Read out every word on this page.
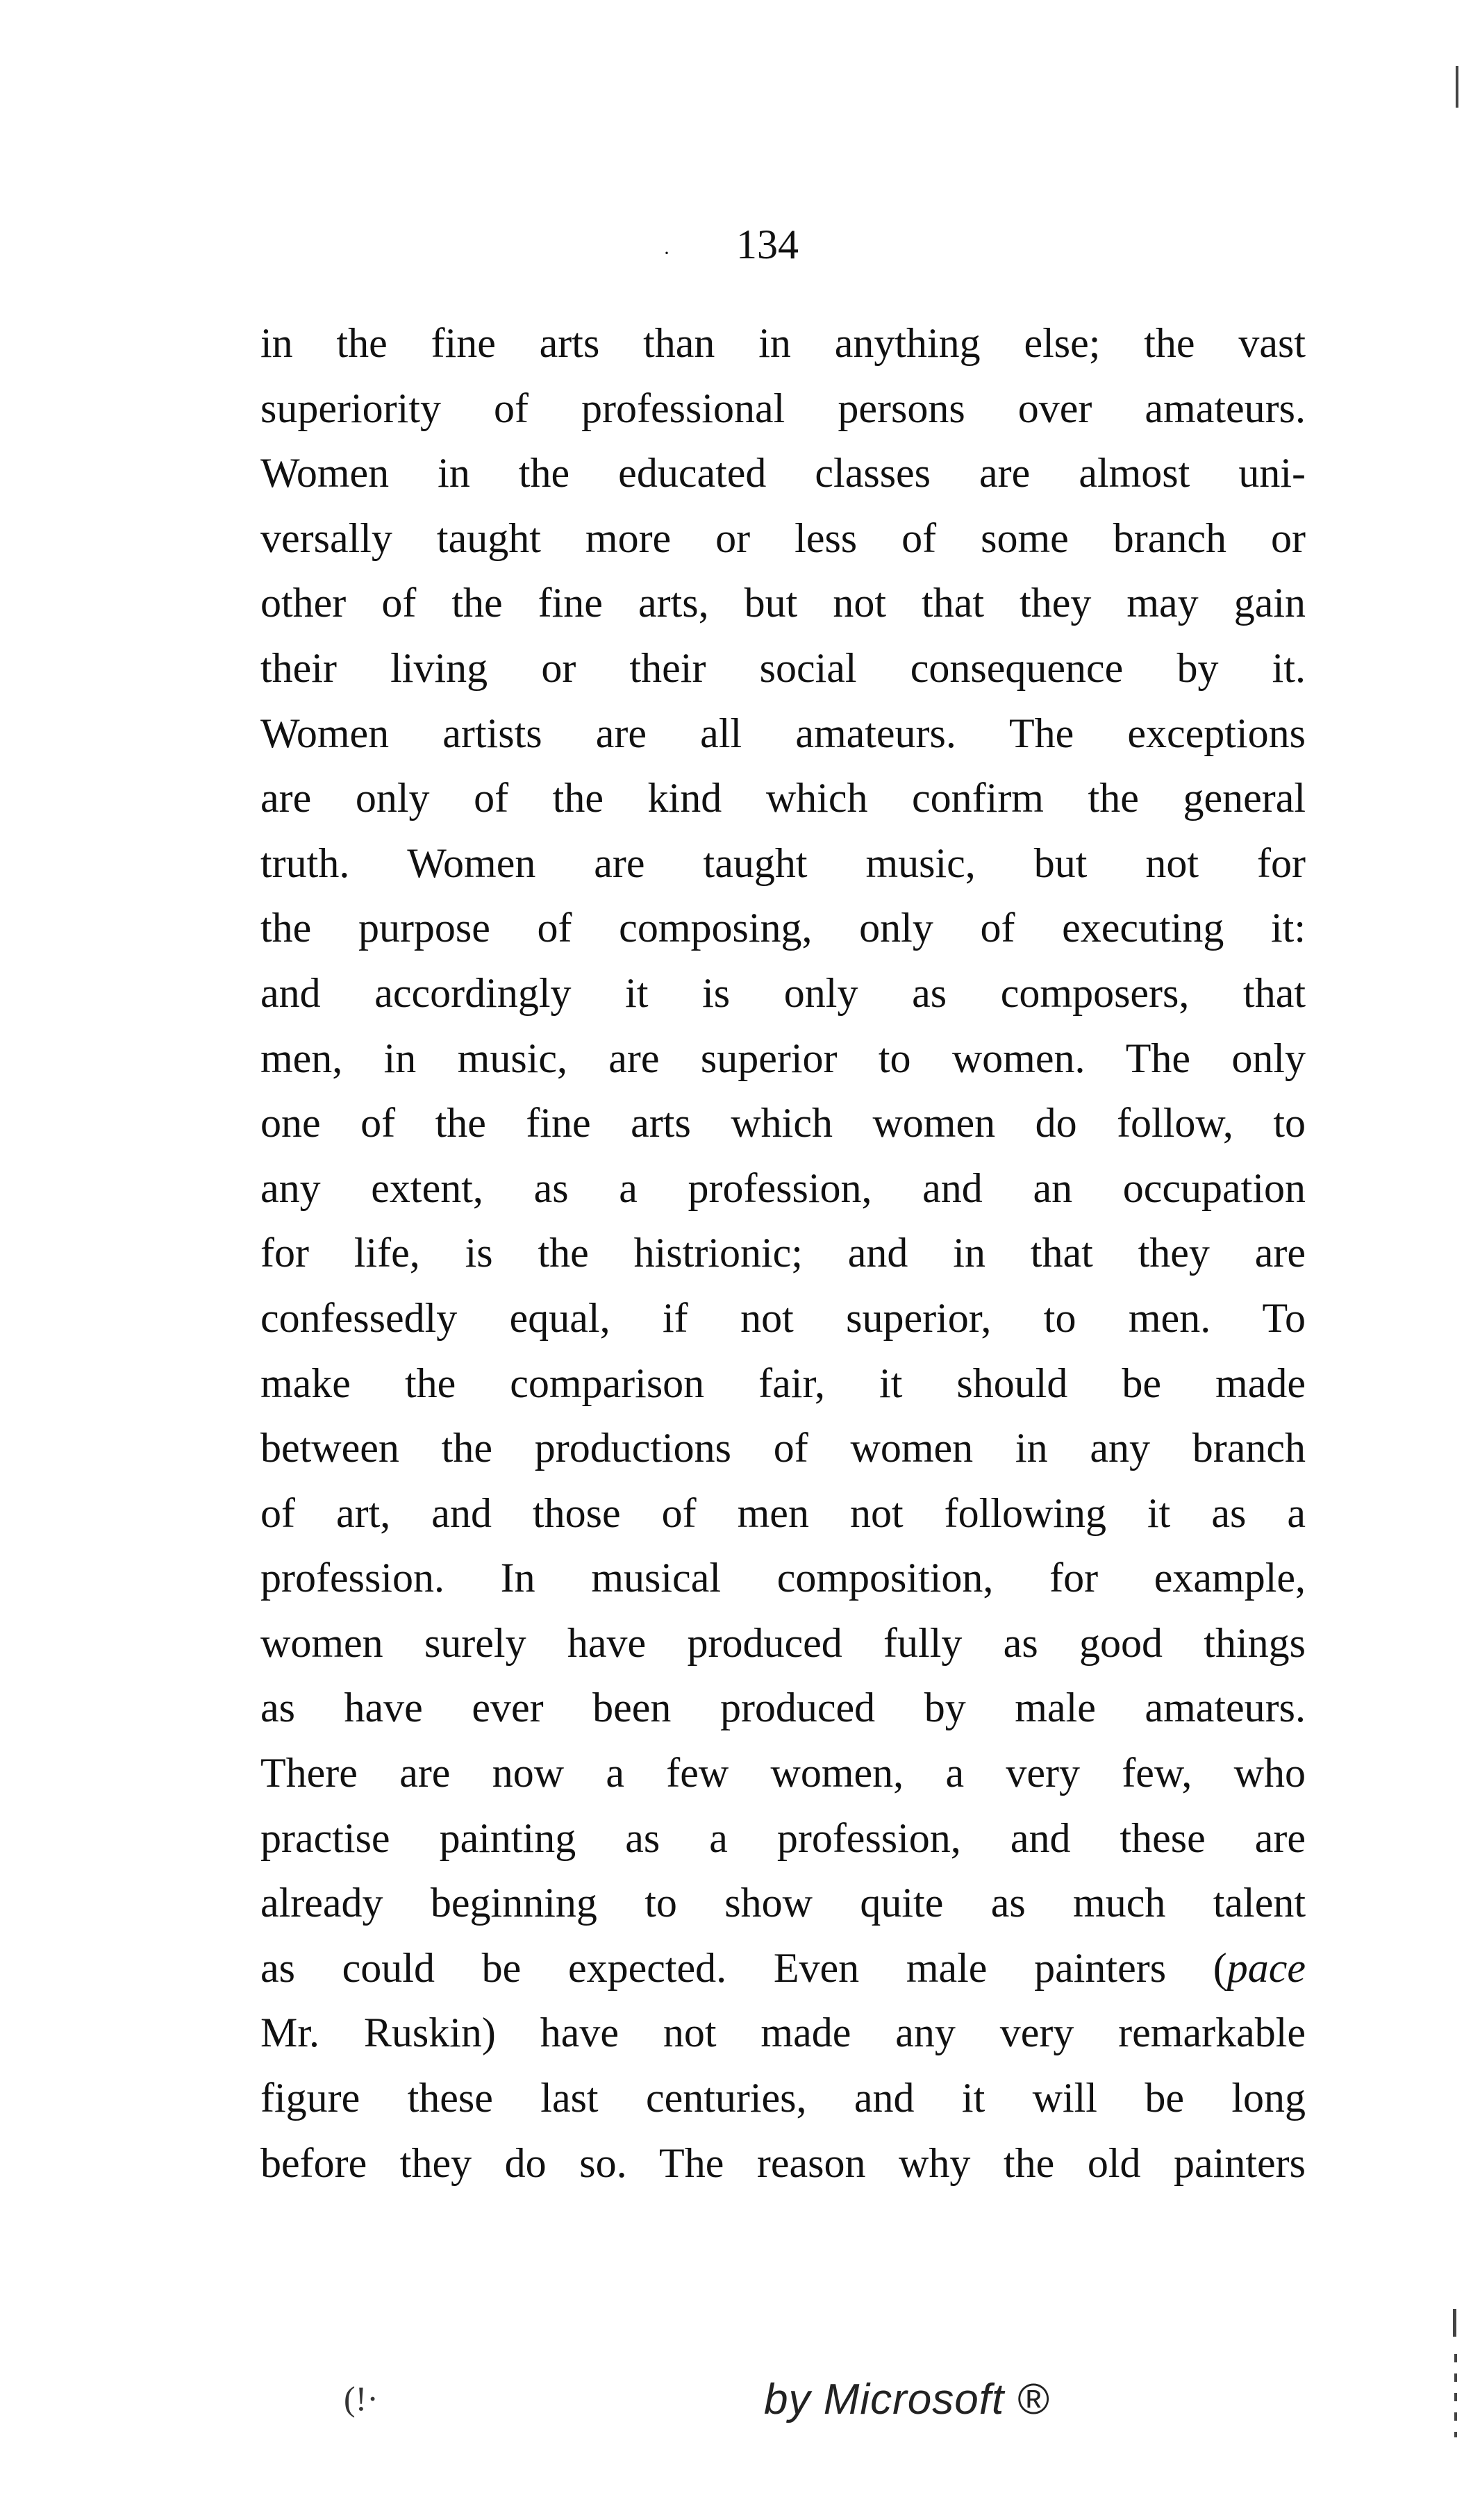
· 134
in the fine arts than in anything else; the vast
superiority of professional persons over amateurs.
Women in the educated classes are almost uni-
versally taught more or less of some branch or
other of the fine arts, but not that they may gain
their living or their social consequence by it.
Women artists are all amateurs. The exceptions
are only of the kind which confirm the general
truth. Women are taught music, but not for
the purpose of composing, only of executing it:
and accordingly it is only as composers, that
men, in music, are superior to women. The only
one of the fine arts which women do follow, to
any extent, as a profession, and an occupation
for life, is the histrionic; and in that they are
confessedly equal, if not superior, to men. To
make the comparison fair, it should be made
between the productions of women in any branch
of art, and those of men not following it as a
profession. In musical composition, for example,
women surely have produced fully as good things
as have ever been produced by male amateurs.
There are now a few women, a very few, who
practise painting as a profession, and these are
already beginning to show quite as much talent
as could be expected. Even male painters (pace
Mr. Ruskin) have not made any very remarkable
figure these last centuries, and it will be long
before they do so. The reason why the old painters
(!·	by Microsoft ®
